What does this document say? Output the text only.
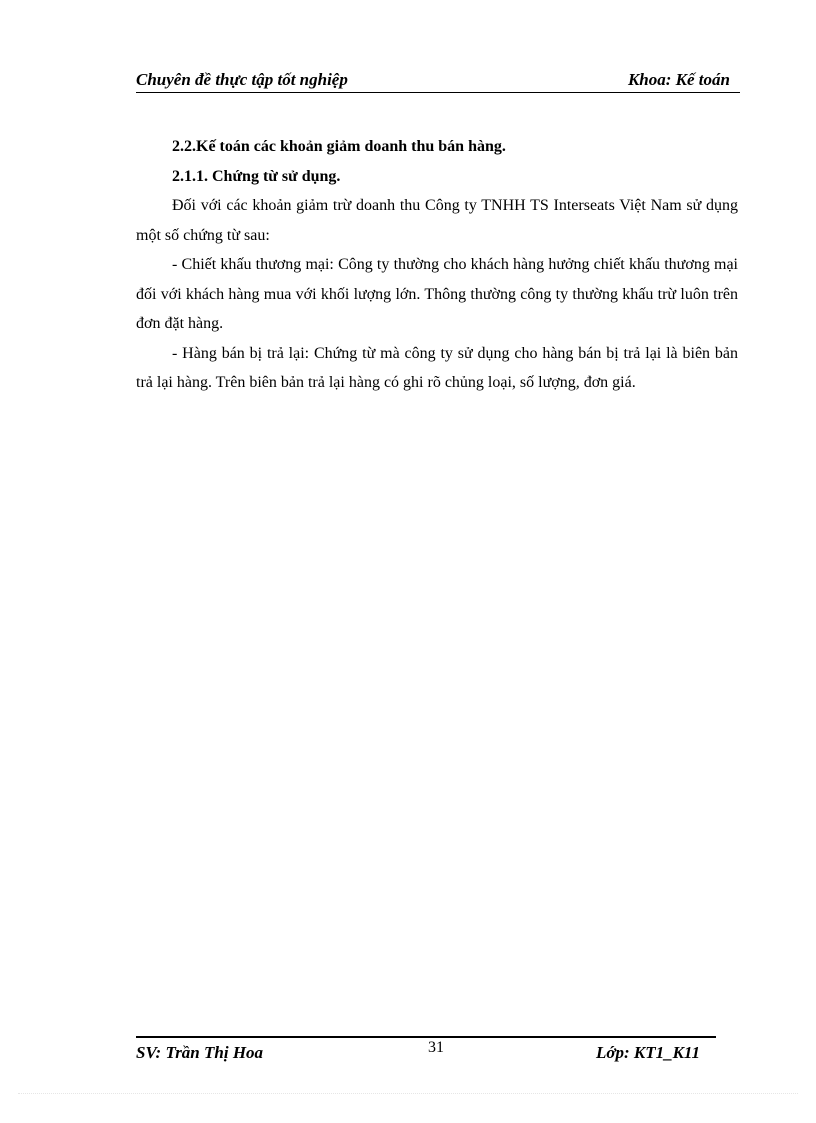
Chuyên đề thực tập tốt nghiệp	Khoa: Kế toán

2.2.Kế toán các khoản giảm doanh thu bán hàng.

2.1.1. Chứng từ sử dụng.

Đối với các khoản giảm trừ doanh thu Công ty TNHH TS Interseats Việt Nam sử dụng một số chứng từ sau:

- Chiết khấu thương mại: Công ty thường cho khách hàng hưởng chiết khấu thương mại đối với khách hàng mua với khối lượng lớn. Thông thường công ty thường khấu trừ luôn trên đơn đặt hàng.

- Hàng bán bị trả lại: Chứng từ mà công ty sử dụng cho hàng bán bị trả lại là biên bản trả lại hàng. Trên biên bản trả lại hàng có ghi rõ chủng loại, số lượng, đơn giá.

SV: Trần Thị Hoa	31	Lớp: KT1_K11
